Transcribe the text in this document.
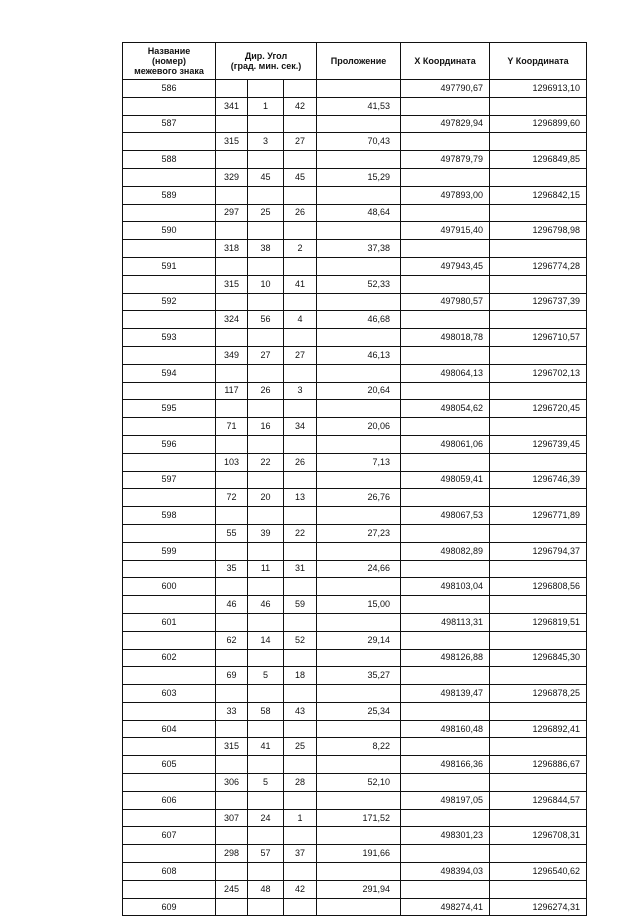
Название
(номер)
межевого знака	Дир. Угол
(град. мин. сек.)			Проложение	X Координата	Y Координата
586					497790,67	1296913,10
	341	1	42	41,53		
587					497829,94	1296899,60
	315	3	27	70,43		
588					497879,79	1296849,85
	329	45	45	15,29		
589					497893,00	1296842,15
	297	25	26	48,64		
590					497915,40	1296798,98
	318	38	2	37,38		
591					497943,45	1296774,28
	315	10	41	52,33		
592					497980,57	1296737,39
	324	56	4	46,68		
593					498018,78	1296710,57
	349	27	27	46,13		
594					498064,13	1296702,13
	117	26	3	20,64		
595					498054,62	1296720,45
	71	16	34	20,06		
596					498061,06	1296739,45
	103	22	26	7,13		
597					498059,41	1296746,39
	72	20	13	26,76		
598					498067,53	1296771,89
	55	39	22	27,23		
599					498082,89	1296794,37
	35	11	31	24,66		
600					498103,04	1296808,56
	46	46	59	15,00		
601					498113,31	1296819,51
	62	14	52	29,14		
602					498126,88	1296845,30
	69	5	18	35,27		
603					498139,47	1296878,25
	33	58	43	25,34		
604					498160,48	1296892,41
	315	41	25	8,22		
605					498166,36	1296886,67
	306	5	28	52,10		
606					498197,05	1296844,57
	307	24	1	171,52		
607					498301,23	1296708,31
	298	57	37	191,66		
608					498394,03	1296540,62
	245	48	42	291,94		
609					498274,41	1296274,31
